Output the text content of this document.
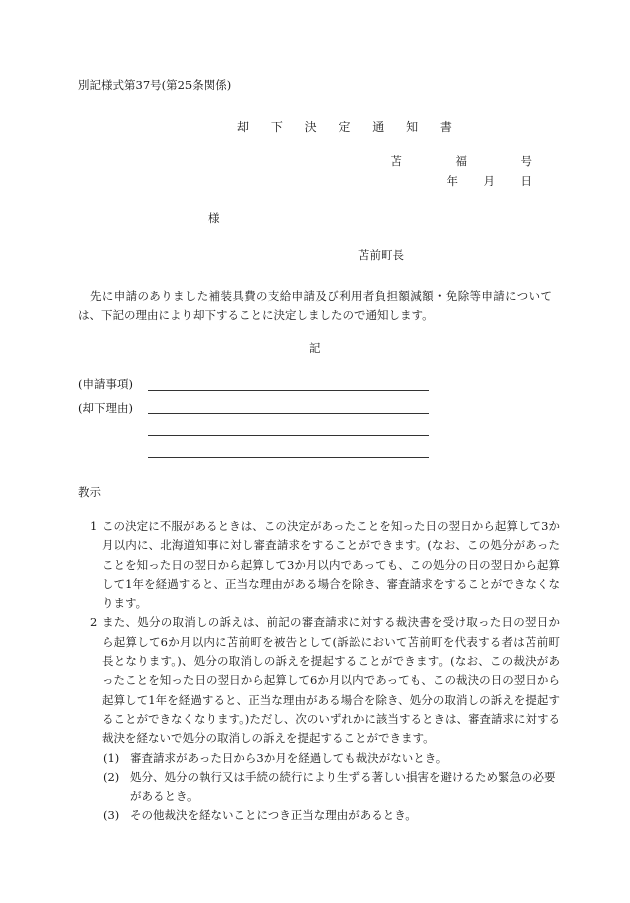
別記様式第37号(第25条関係)
却 下 決 定 通 知 書
苫	福	号
年	月	日
様
苫前町長
先に申請のありました補装具費の支給申請及び利用者負担額減額・免除等申請については、下記の理由により却下することに決定しましたので通知します。
記
(申請事項)
(却下理由)
教示
1 この決定に不服があるときは、この決定があったことを知った日の翌日から起算して3か月以内に、北海道知事に対し審査請求をすることができます。(なお、この処分があったことを知った日の翌日から起算して3か月以内であっても、この処分の日の翌日から起算して1年を経過すると、正当な理由がある場合を除き、審査請求をすることができなくなります。
2 また、処分の取消しの訴えは、前記の審査請求に対する裁決書を受け取った日の翌日から起算して6か月以内に苫前町を被告として(訴訟において苫前町を代表する者は苫前町長となります。)、処分の取消しの訴えを提起することができます。(なお、この裁決があったことを知った日の翌日から起算して6か月以内であっても、この裁決の日の翌日から起算して1年を経過すると、正当な理由がある場合を除き、処分の取消しの訴えを提起することができなくなります。)ただし、次のいずれかに該当するときは、審査請求に対する裁決を経ないで処分の取消しの訴えを提起することができます。
(1) 審査請求があった日から3か月を経過しても裁決がないとき。
(2) 処分、処分の執行又は手続の続行により生ずる著しい損害を避けるため緊急の必要があるとき。
(3) その他裁決を経ないことにつき正当な理由があるとき。
